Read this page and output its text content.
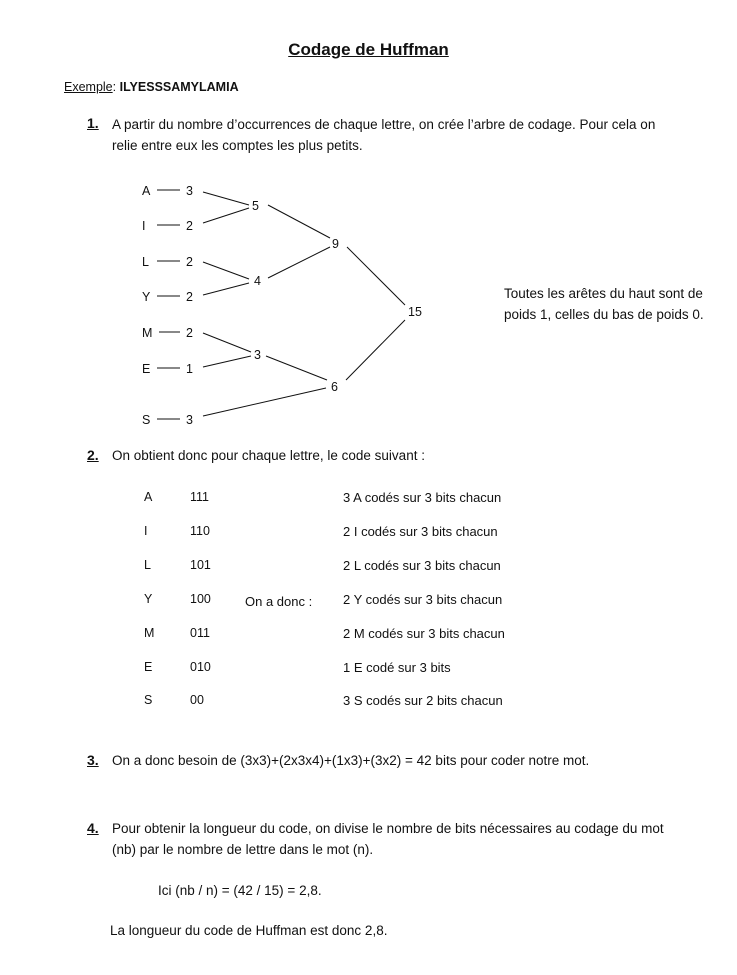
Codage de Huffman
Exemple: ILYESSSAMYLAMIA
1. A partir du nombre d’occurrences de chaque lettre, on crée l’arbre de codage. Pour cela on
relie entre eux les comptes les plus petits.
A	3
I	2
L	2
Y	2
M	2
E	1
S	3
5
4
3
9
6
15
Toutes les arêtes du haut sont de
poids 1, celles du bas de poids 0.
2. On obtient donc pour chaque lettre, le code suivant :
A	111	3 A codés sur 3 bits chacun
I	110	2 I codés sur 3 bits chacun
L	101	2 L codés sur 3 bits chacun
Y	100	2 Y codés sur 3 bits chacun
M	011	2 M codés sur 3 bits chacun
E	010	1 E codé sur 3 bits
S	00	3 S codés sur 2 bits chacun
On a donc :
3. On a donc besoin de (3x3)+(2x3x4)+(1x3)+(3x2) = 42 bits pour coder notre mot.
4. Pour obtenir la longueur du code, on divise le nombre de bits nécessaires au codage du mot
(nb) par le nombre de lettre dans le mot (n).
Ici (nb / n) = (42 / 15) = 2,8.
La longueur du code de Huffman est donc 2,8.
